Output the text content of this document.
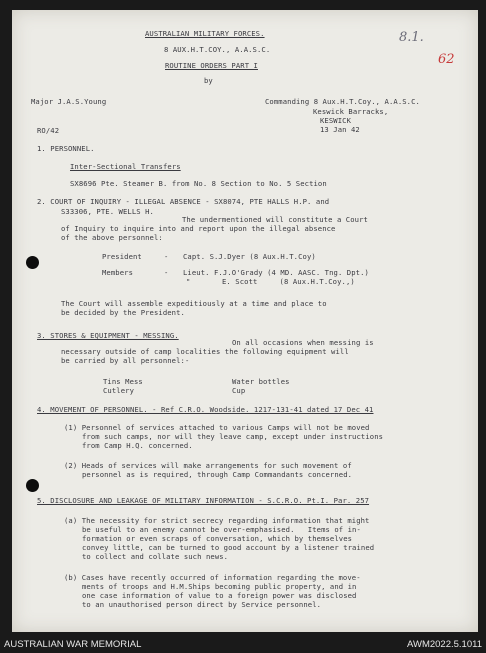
8.1.
62
AUSTRALIAN MILITARY FORCES.
8 AUX.H.T.COY., A.A.S.C.
ROUTINE ORDERS PART I
by
Major J.A.S.Young	Commanding 8 Aux.H.T.Coy., A.A.S.C.
Keswick Barracks,
KESWICK
13 Jan 42
RO/42
1. PERSONNEL.
Inter-Sectional Transfers
SX8696 Pte. Steamer B. from No. 8 Section to No. 5 Section
2. COURT OF INQUIRY - ILLEGAL ABSENCE - SX8074, PTE HALLS H.P. and
S33306, PTE. WELLS H.
The undermentioned will constitute a Court
of Inquiry to inquire into and report upon the illegal absence
of the above personnel:
President	- Capt. S.J.Dyer (8 Aux.H.T.Coy)
Members	- Lieut. F.J.O'Grady (4 MD. AASC. Tng. Dpt.)
"	E. Scott     (8 Aux.H.T.Coy.,)
The Court will assemble expeditiously at a time and place to
be decided by the President.
3. STORES & EQUIPMENT - MESSING.
On all occasions when messing is
necessary outside of camp localities the following equipment will
be carried by all personnel:-
Tins Mess	Water bottles
Cutlery	Cup
4. MOVEMENT OF PERSONNEL. - Ref C.R.O. Woodside. 1217-131-41 dated 17 Dec 41
(1) Personnel of services attached to various Camps will not be moved
from such camps, nor will they leave camp, except under instructions
from Camp H.Q. concerned.
(2) Heads of services will make arrangements for such movement of
personnel as is required, through Camp Commandants concerned.
5. DISCLOSURE AND LEAKAGE OF MILITARY INFORMATION - S.C.R.O. Pt.I. Par. 257
(a) The necessity for strict secrecy regarding information that might
be useful to an enemy cannot be over-emphasised.   Items of in-
formation or even scraps of conversation, which by themselves
convey little, can be turned to good account by a listener trained
to collect and collate such news.
(b) Cases have recently occurred of information regarding the move-
ments of troops and H.M.Ships becoming public property, and in
one case information of value to a foreign power was disclosed
to an unauthorised person direct by Service personnel.
AUSTRALIAN WAR MEMORIAL	AWM2022.5.1011
